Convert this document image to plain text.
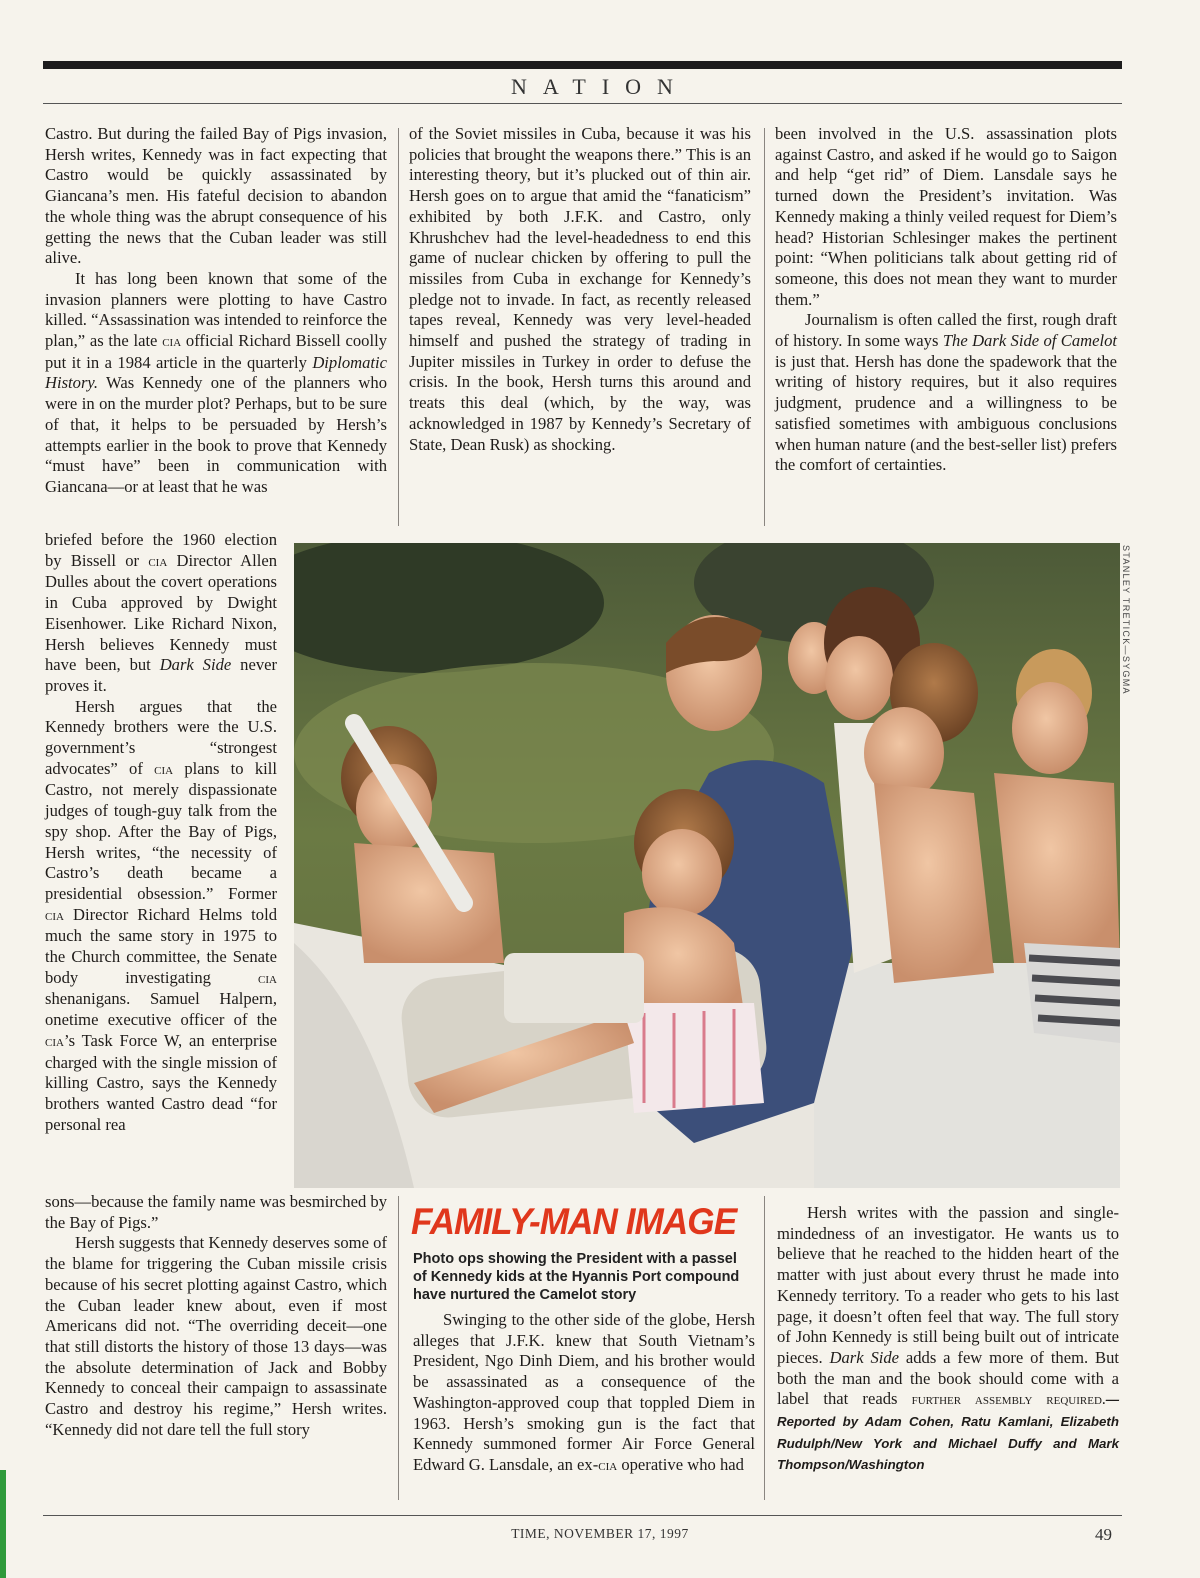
NATION

Castro. But during the failed Bay of Pigs invasion, Hersh writes, Kennedy was in fact expecting that Castro would be quickly assassinated by Giancana’s men. His fateful decision to abandon the whole thing was the abrupt consequence of his getting the news that the Cuban leader was still alive.

It has long been known that some of the invasion planners were plotting to have Castro killed. “Assassination was intended to reinforce the plan,” as the late cia official Richard Bissell coolly put it in a 1984 article in the quarterly Diplomatic History. Was Kennedy one of the planners who were in on the murder plot? Perhaps, but to be sure of that, it helps to be persuaded by Hersh’s attempts earlier in the book to prove that Kennedy “must have” been in communication with Giancana—or at least that he was

briefed before the 1960 election by Bissell or cia Director Allen Dulles about the covert operations in Cuba approved by Dwight Eisenhower. Like Richard Nixon, Hersh believes Kennedy must have been, but Dark Side never proves it.

Hersh argues that the Kennedy brothers were the U.S. government’s “strongest advocates” of cia plans to kill Castro, not merely dispassionate judges of tough-guy talk from the spy shop. After the Bay of Pigs, Hersh writes, “the necessity of Castro’s death became a presidential obsession.” Former cia Director Richard Helms told much the same story in 1975 to the Church committee, the Senate body investigating cia shenanigans. Samuel Halpern, onetime executive officer of the cia’s Task Force W, an enterprise charged with the single mission of killing Castro, says the Kennedy brothers wanted Castro dead “for personal rea

sons—because the family name was besmirched by the Bay of Pigs.”

Hersh suggests that Kennedy deserves some of the blame for triggering the Cuban missile crisis because of his secret plotting against Castro, which the Cuban leader knew about, even if most Americans did not. “The overriding deceit—one that still distorts the history of those 13 days—was the absolute determination of Jack and Bobby Kennedy to conceal their campaign to assassinate Castro and destroy his regime,” Hersh writes. “Kennedy did not dare tell the full story

of the Soviet missiles in Cuba, because it was his policies that brought the weapons there.” This is an interesting theory, but it’s plucked out of thin air. Hersh goes on to argue that amid the “fanaticism” exhibited by both J.F.K. and Castro, only Khrushchev had the level-headedness to end this game of nuclear chicken by offering to pull the missiles from Cuba in exchange for Kennedy’s pledge not to invade. In fact, as recently released tapes reveal, Kennedy was very level-headed himself and pushed the strategy of trading in Jupiter missiles in Turkey in order to defuse the crisis. In the book, Hersh turns this around and treats this deal (which, by the way, was acknowledged in 1987 by Kennedy’s Secretary of State, Dean Rusk) as shocking.

been involved in the U.S. assassination plots against Castro, and asked if he would go to Saigon and help “get rid” of Diem. Lansdale says he turned down the President’s invitation. Was Kennedy making a thinly veiled request for Diem’s head? Historian Schlesinger makes the pertinent point: “When politicians talk about getting rid of someone, this does not mean they want to murder them.”

Journalism is often called the first, rough draft of history. In some ways The Dark Side of Camelot is just that. Hersh has done the spadework that the writing of history requires, but it also requires judgment, prudence and a willingness to be satisfied sometimes with ambiguous conclusions when human nature (and the best-seller list) prefers the comfort of certainties.

STANLEY TRETICK—SYGMA
FAMILY-MAN IMAGE
Photo ops showing the President with a passel of Kennedy kids at the Hyannis Port compound have nurtured the Camelot story

Swinging to the other side of the globe, Hersh alleges that J.F.K. knew that South Vietnam’s President, Ngo Dinh Diem, and his brother would be assassinated as a consequence of the Washington-approved coup that toppled Diem in 1963. Hersh’s smoking gun is the fact that Kennedy summoned former Air Force General Edward G. Lansdale, an ex-cia operative who had

Hersh writes with the passion and single-mindedness of an investigator. He wants us to believe that he reached to the hidden heart of the matter with just about every thrust he made into Kennedy territory. To a reader who gets to his last page, it doesn’t often feel that way. The full story of John Kennedy is still being built out of intricate pieces. Dark Side adds a few more of them. But both the man and the book should come with a label that reads further assembly required.—Reported by Adam Cohen, Ratu Kamlani, Elizabeth Rudulph/New York and Michael Duffy and Mark Thompson/Washington

TIME, NOVEMBER 17, 1997	49
